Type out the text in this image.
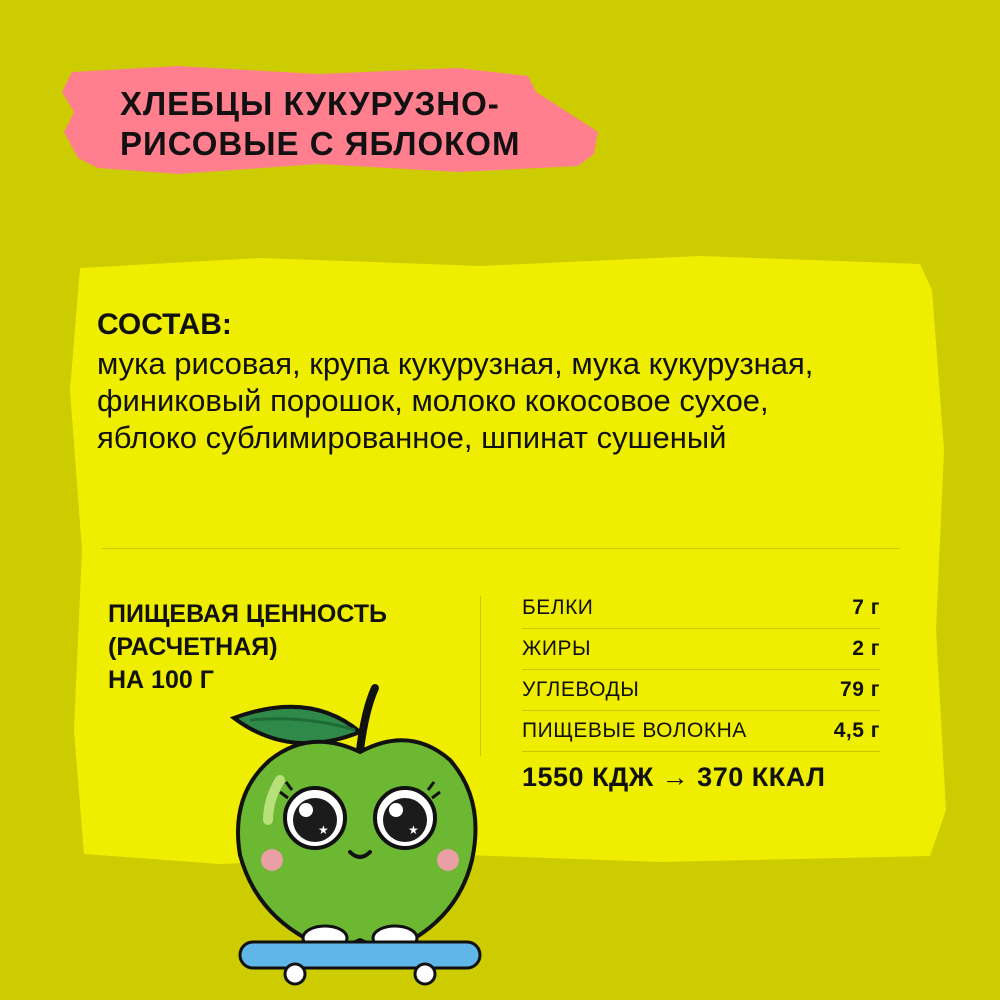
ХЛЕБЦЫ КУКУРУЗНО-
РИСОВЫЕ С ЯБЛОКОМ

СОСТАВ:

мука рисовая, крупа кукурузная, мука кукурузная, финиковый порошок, молоко кокосовое сухое, яблоко сублимированное, шпинат сушеный

ПИЩЕВАЯ ЦЕННОСТЬ
(РАСЧЕТНАЯ)
НА 100 Г

БЕЛКИ	7 г
ЖИРЫ	2 г
УГЛЕВОДЫ	79 г
ПИЩЕВЫЕ ВОЛОКНА	4,5 г

1550 КДЖ → 370 ККАЛ

★	★
